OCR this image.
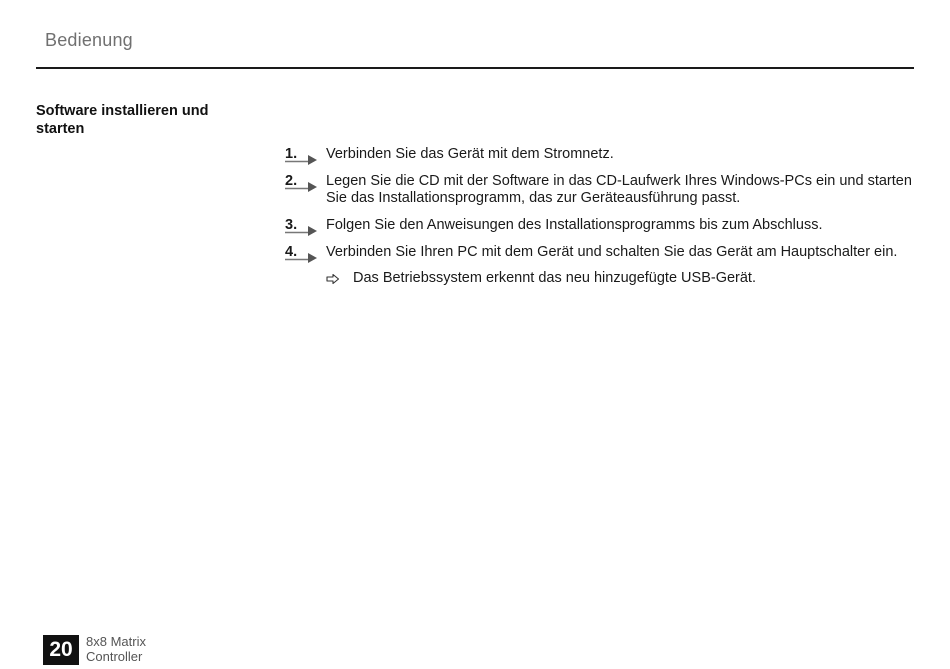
Bedienung
Software installieren und starten
1. Verbinden Sie das Gerät mit dem Stromnetz.
2. Legen Sie die CD mit der Software in das CD-Laufwerk Ihres Windows-PCs ein und starten Sie das Installationsprogramm, das zur Geräteausführung passt.
3. Folgen Sie den Anweisungen des Installationsprogramms bis zum Abschluss.
4. Verbinden Sie Ihren PC mit dem Gerät und schalten Sie das Gerät am Hauptschalter ein.
Das Betriebssystem erkennt das neu hinzugefügte USB-Gerät.
20	8x8 Matrix
Controller
